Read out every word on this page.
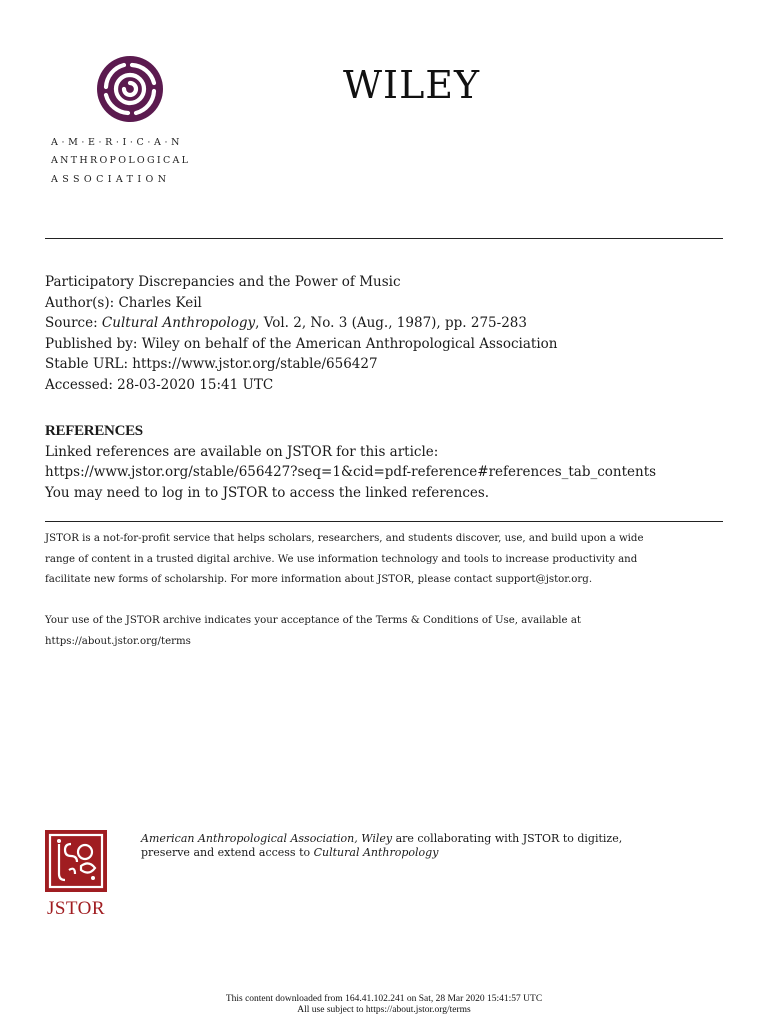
A·M·E·R·I·C·A·N
ANTHROPOLOGICAL
ASSOCIATION
WILEY
Participatory Discrepancies and the Power of Music
Author(s): Charles Keil
Source: Cultural Anthropology, Vol. 2, No. 3 (Aug., 1987), pp. 275-283
Published by: Wiley on behalf of the American Anthropological Association
Stable URL: https://www.jstor.org/stable/656427
Accessed: 28-03-2020 15:41 UTC
REFERENCES
Linked references are available on JSTOR for this article:
https://www.jstor.org/stable/656427?seq=1&cid=pdf-reference#references_tab_contents
You may need to log in to JSTOR to access the linked references.
JSTOR is a not-for-profit service that helps scholars, researchers, and students discover, use, and build upon a wide
range of content in a trusted digital archive. We use information technology and tools to increase productivity and
facilitate new forms of scholarship. For more information about JSTOR, please contact support@jstor.org.
Your use of the JSTOR archive indicates your acceptance of the Terms & Conditions of Use, available at
https://about.jstor.org/terms
JSTOR
American Anthropological Association, Wiley are collaborating with JSTOR to digitize,
preserve and extend access to Cultural Anthropology
This content downloaded from 164.41.102.241 on Sat, 28 Mar 2020 15:41:57 UTC
All use subject to https://about.jstor.org/terms
